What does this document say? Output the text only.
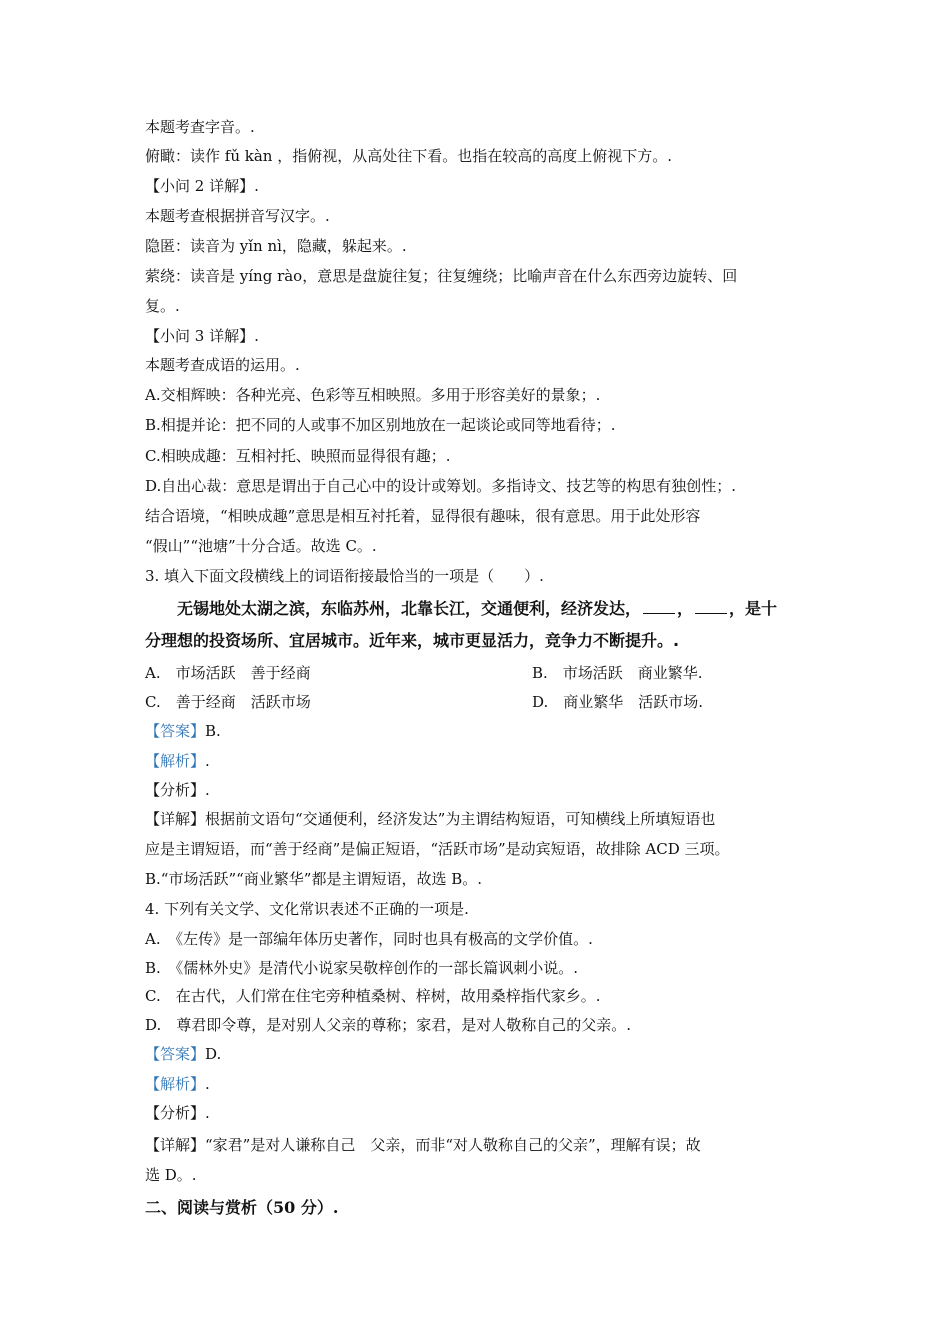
本题考查字音。.
俯瞰：读作 fǔ kàn ，指俯视，从高处往下看。也指在较高的高度上俯视下方。.
【小问 2 详解】.
本题考查根据拼音写汉字。.
隐匿：读音为 yǐn nì，隐藏，躲起来。.
萦绕：读音是 yíng rào，意思是盘旋往复；往复缠绕；比喻声音在什么东西旁边旋转、回
复。.
【小问 3 详解】.
本题考查成语的运用。.
A.交相辉映：各种光亮、色彩等互相映照。多用于形容美好的景象；.
B.相提并论：把不同的人或事不加区别地放在一起谈论或同等地看待；.
C.相映成趣：互相衬托、映照而显得很有趣；.
D.自出心裁：意思是谓出于自己心中的设计或筹划。多指诗文、技艺等的构思有独创性；.
结合语境，“相映成趣”意思是相互衬托着，显得很有趣味，很有意思。用于此处形容
“假山”“池塘”十分合适。故选 C。.
3. 填入下面文段横线上的词语衔接最恰当的一项是（　　）.
无锡地处太湖之滨，东临苏州，北靠长江，交通便利，经济发达， ， ，是十
分理想的投资场所、宜居城市。近年来，城市更显活力，竞争力不断提升。.
A.　市场活跃　善于经商	B.　市场活跃　商业繁华.
C.　善于经商　活跃市场	D.　商业繁华　活跃市场.
【答案】B.
【解析】.
【分析】.
【详解】根据前文语句“交通便利，经济发达”为主谓结构短语，可知横线上所填短语也
应是主谓短语，而“善于经商”是偏正短语，“活跃市场”是动宾短语，故排除 ACD 三项。
B.“市场活跃”“商业繁华”都是主谓短语，故选 B。.
4. 下列有关文学、文化常识表述不正确的一项是.
A.　《左传》是一部编年体历史著作，同时也具有极高的文学价值。.
B.　《儒林外史》是清代小说家吴敬梓创作的一部长篇讽刺小说。.
C.　在古代，人们常在住宅旁种植桑树、梓树，故用桑梓指代家乡。.
D.　尊君即令尊，是对别人父亲的尊称；家君，是对人敬称自己的父亲。.
【答案】D.
【解析】.
【分析】.
【详解】“家君”是对人谦称自己　父亲，而非“对人敬称自己的父亲”，理解有误；故
选 D。.
二、阅读与赏析（50 分）.
